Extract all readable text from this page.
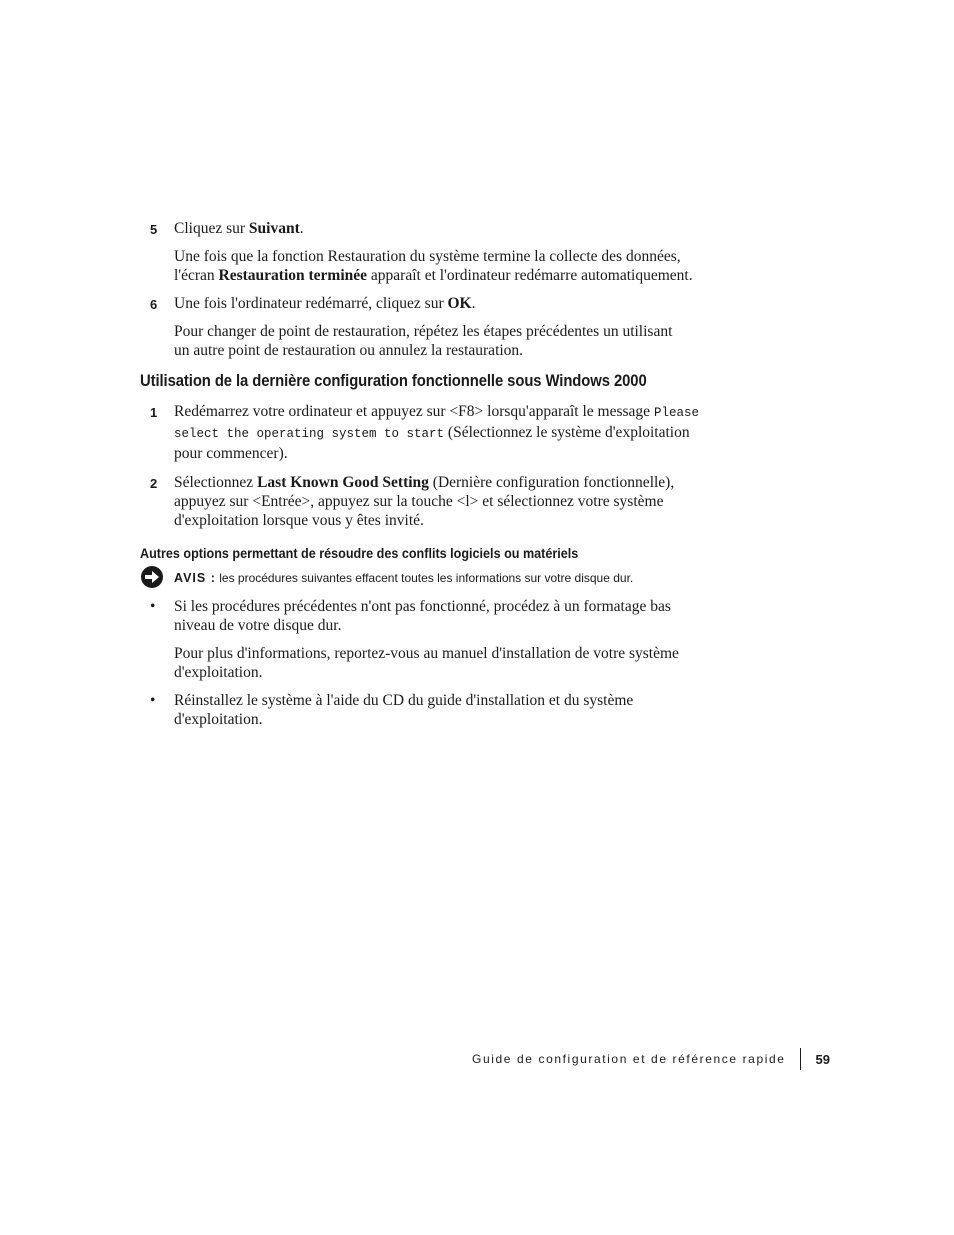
5 Cliquez sur Suivant.
Une fois que la fonction Restauration du système termine la collecte des données,
l'écran Restauration terminée apparaît et l'ordinateur redémarre automatiquement.
6 Une fois l'ordinateur redémarré, cliquez sur OK.
Pour changer de point de restauration, répétez les étapes précédentes un utilisant
un autre point de restauration ou annulez la restauration.
Utilisation de la dernière configuration fonctionnelle sous Windows 2000
1 Redémarrez votre ordinateur et appuyez sur <F8> lorsqu'apparaît le message Please
select the operating system to start (Sélectionnez le système d'exploitation
pour commencer).
2 Sélectionnez Last Known Good Setting (Dernière configuration fonctionnelle),
appuyez sur <Entrée>, appuyez sur la touche <l> et sélectionnez votre système
d'exploitation lorsque vous y êtes invité.
Autres options permettant de résoudre des conflits logiciels ou matériels
AVIS : les procédures suivantes effacent toutes les informations sur votre disque dur.
• Si les procédures précédentes n'ont pas fonctionné, procédez à un formatage bas
niveau de votre disque dur.
Pour plus d'informations, reportez-vous au manuel d'installation de votre système
d'exploitation.
• Réinstallez le système à l'aide du CD du guide d'installation et du système
d'exploitation.
Guide de configuration et de référence rapide 59
